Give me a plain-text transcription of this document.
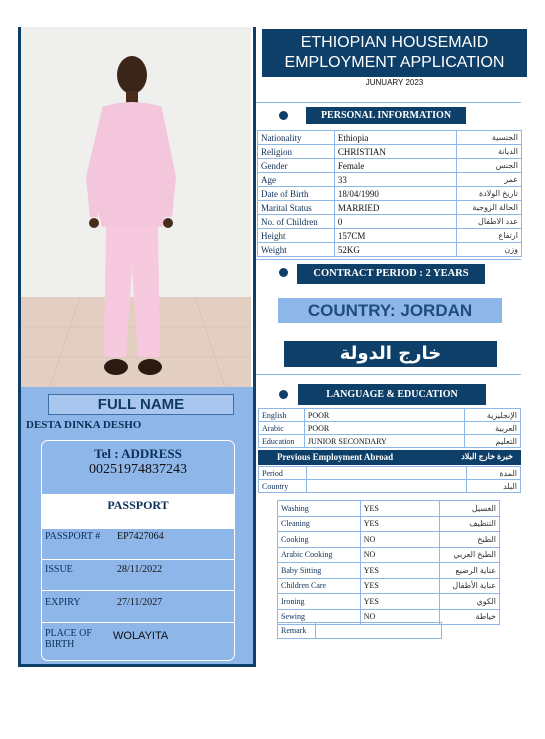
FULL NAME
DESTA DINKA DESHO
Tel : ADDRESS
00251974837243
PASSPORT
PASSPORT # EP7427064
ISSUE	28/11/2022
EXPIRY	27/11/2027
PLACE OF BIRTH
WOLAYITA
ETHIOPIAN HOUSEMAID
EMPLOYMENT APPLICATION
JUNUARY 2023
PERSONAL INFORMATION
Nationality	Ethiopia	الجنسية
Religion	CHRISTIAN	الديانة
Gender	Female	الجنس
Age	33	عمر
Date of Birth	18/04/1990	تاريخ الولادة
Marital Status	MARRIED	الحالة الزوجية
No. of Children	0	عدد الاطفال
Height	157CM	ارتفاع
Weight	52KG	وزن
CONTRACT PERIOD : 2 YEARS
COUNTRY: JORDAN
خارج الدولة
LANGUAGE & EDUCATION
English	POOR	الإنجليزية
Arabic	POOR	العربية
Education	JUNIOR SECONDARY	التعليم
Previous Employment Abroad	خبرة خارج البلاد
Period		المدة
Country		البلد
Washing	YES	الغسيل
Cleaning	YES	التنظيف
Cooking	NO	الطبخ
Arabic Cooking	NO	الطبخ العربي
Baby Sitting	YES	عناية الرضيع
Children Care	YES	عناية الأطفال
Ironing	YES	الكوي
Sewing	NO	خياطة
Remark	
